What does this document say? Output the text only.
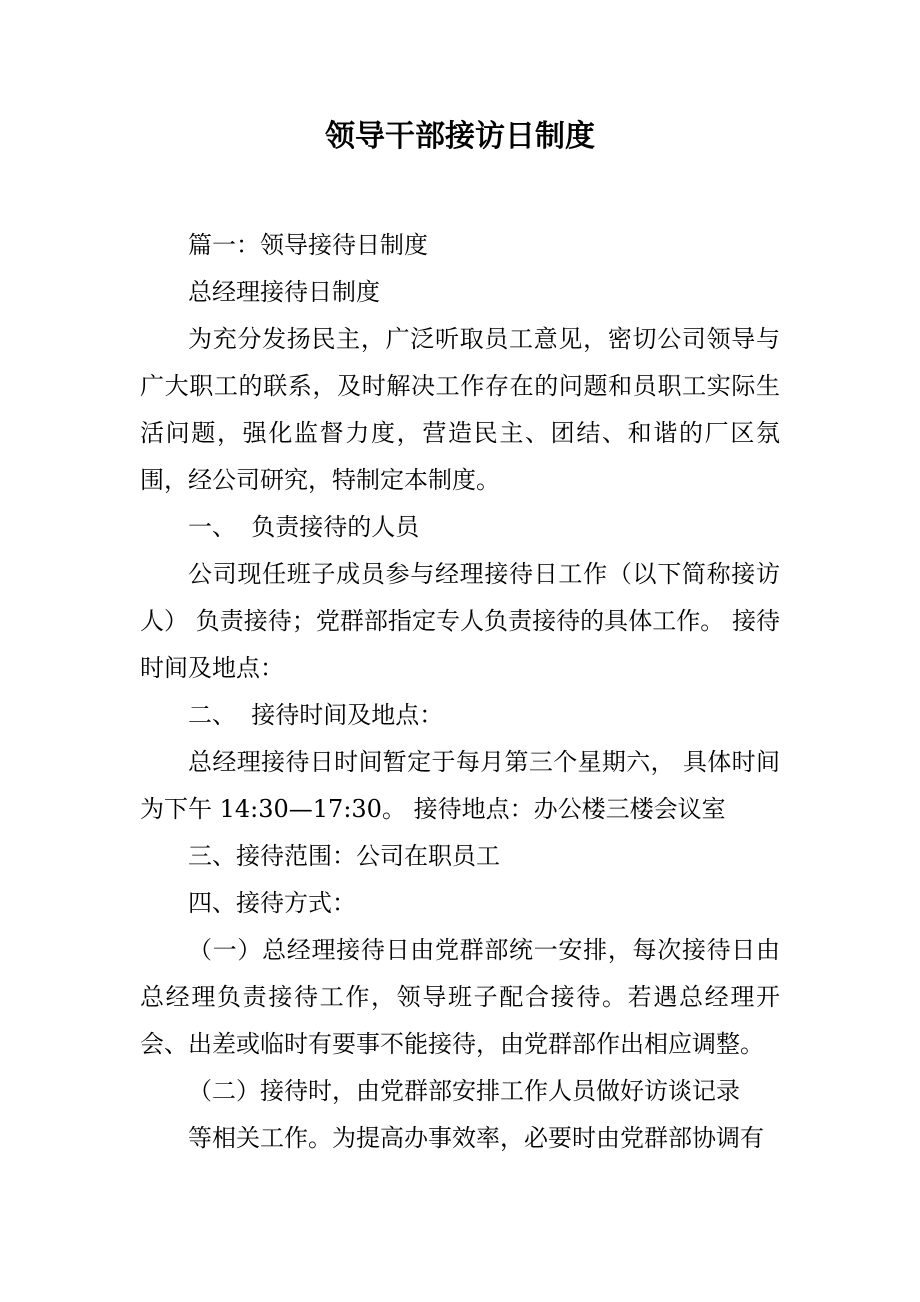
领导干部接访日制度

篇一：领导接待日制度

总经理接待日制度

为充分发扬民主，广泛听取员工意见，密切公司领导与广大职工的联系，及时解决工作存在的问题和员职工实际生活问题，强化监督力度，营造民主、团结、和谐的厂区氛围，经公司研究，特制定本制度。

一、  负责接待的人员

公司现任班子成员参与经理接待日工作（以下简称接访人） 负责接待；党群部指定专人负责接待的具体工作。 接待时间及地点：

二、  接待时间及地点：

总经理接待日时间暂定于每月第三个星期六， 具体时间为下午 14:30—17:30。 接待地点：办公楼三楼会议室

三、接待范围：公司在职员工

四、接待方式：

（一）总经理接待日由党群部统一安排，每次接待日由总经理负责接待工作，领导班子配合接待。若遇总经理开会、出差或临时有要事不能接待，由党群部作出相应调整。

（二）接待时，由党群部安排工作人员做好访谈记录

等相关工作。为提高办事效率，必要时由党群部协调有
